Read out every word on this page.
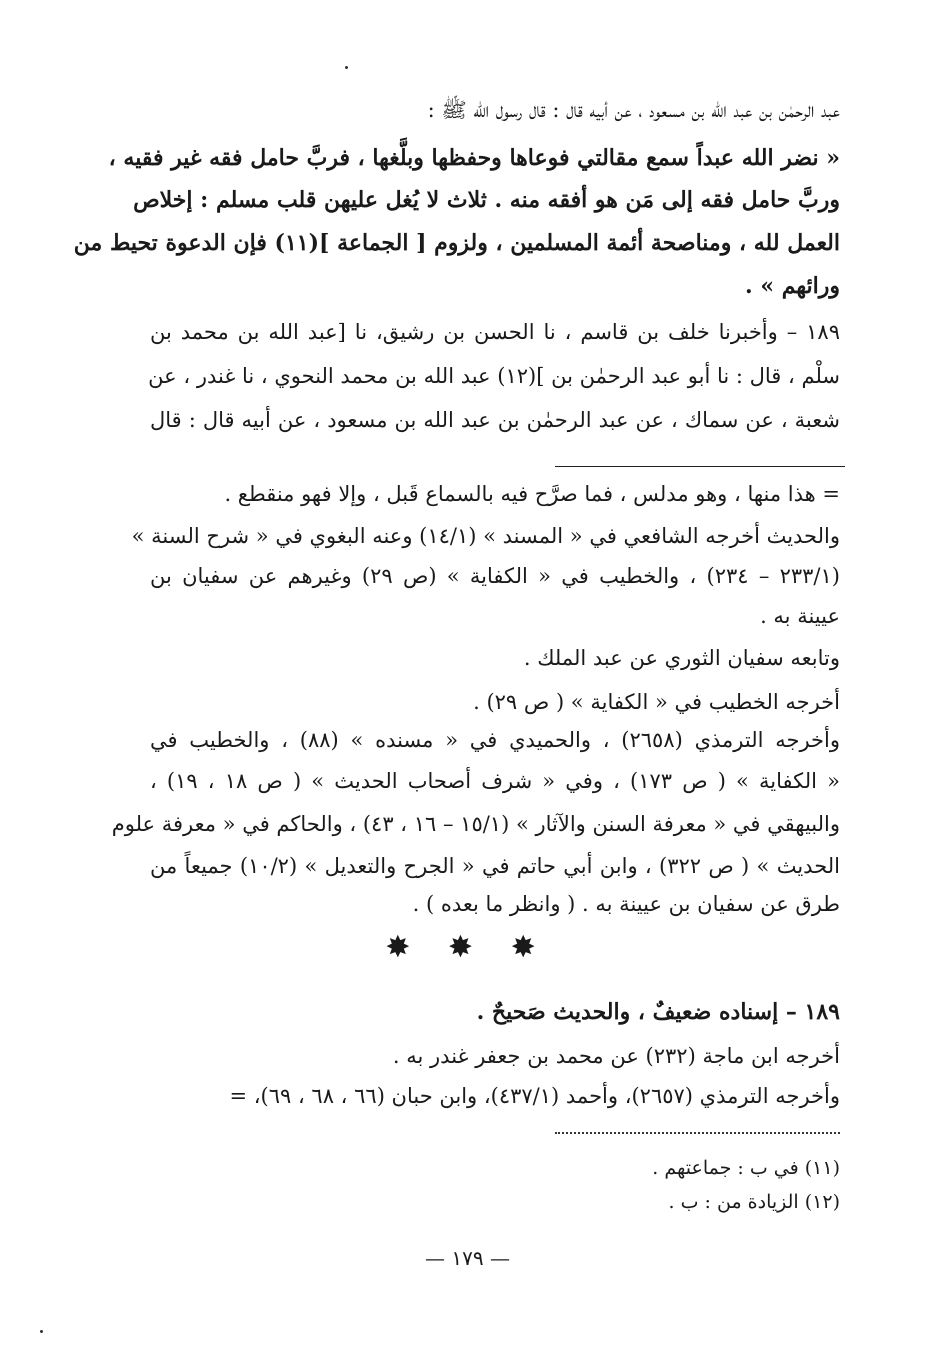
عبد الرحمٰن بن عبد الله بن مسعود ، عن أبيه قال : قال رسول الله ﷺ :
« نضر الله عبداً سمع مقالتي فوعاها وحفظها وبلَّغها ، فربَّ حامل فقه غير فقيه ،
وربَّ حامل فقه إلى مَن هو أفقه منه . ثلاث لا يُغل عليهن قلب مسلم : إخلاص
العمل لله ، ومناصحة أئمة المسلمين ، ولزوم [ الجماعة ](١١) فإن الدعوة تحيط من
ورائهم » .
١٨٩ – وأخبرنا خلف بن قاسم ، نا الحسن بن رشيق، نا [عبد الله بن محمد بن
سلْم ، قال : نا أبو عبد الرحمٰن بن ](١٢) عبد الله بن محمد النحوي ، نا غندر ، عن
شعبة ، عن سماك ، عن عبد الرحمٰن بن عبد الله بن مسعود ، عن أبيه قال : قال
= هذا منها ، وهو مدلس ، فما صرَّح فيه بالسماع قَبل ، وإلا فهو منقطع .
والحديث أخرجه الشافعي في « المسند » (١٤/١) وعنه البغوي في « شرح السنة »
(٢٣٣/١ – ٢٣٤) ، والخطيب في « الكفاية » (ص ٢٩) وغيرهم عن سفيان بن
عيينة به .
وتابعه سفيان الثوري عن عبد الملك .
أخرجه الخطيب في « الكفاية » ( ص ٢٩) .
وأخرجه الترمذي (٢٦٥٨) ، والحميدي في « مسنده » (٨٨) ، والخطيب في
« الكفاية » ( ص ١٧٣) ، وفي « شرف أصحاب الحديث » ( ص ١٨ ، ١٩) ،
والبيهقي في « معرفة السنن والآثار » (١٥/١ – ١٦ ، ٤٣) ، والحاكم في « معرفة علوم
الحديث » ( ص ٣٢٢) ، وابن أبي حاتم في « الجرح والتعديل » (١٠/٢) جميعاً من
طرق عن سفيان بن عيينة به . ( وانظر ما بعده ) .
✸ ✸ ✸
١٨٩ – إسناده ضعيفٌ ، والحديث صَحيحٌ .
أخرجه ابن ماجة (٢٣٢) عن محمد بن جعفر غندر به .
وأخرجه الترمذي (٢٦٥٧)، وأحمد (٤٣٧/١)، وابن حبان (٦٦ ، ٦٨ ، ٦٩)، =
(١١) في ب : جماعتهم .
(١٢) الزيادة من : ب .
— ١٧٩ —
